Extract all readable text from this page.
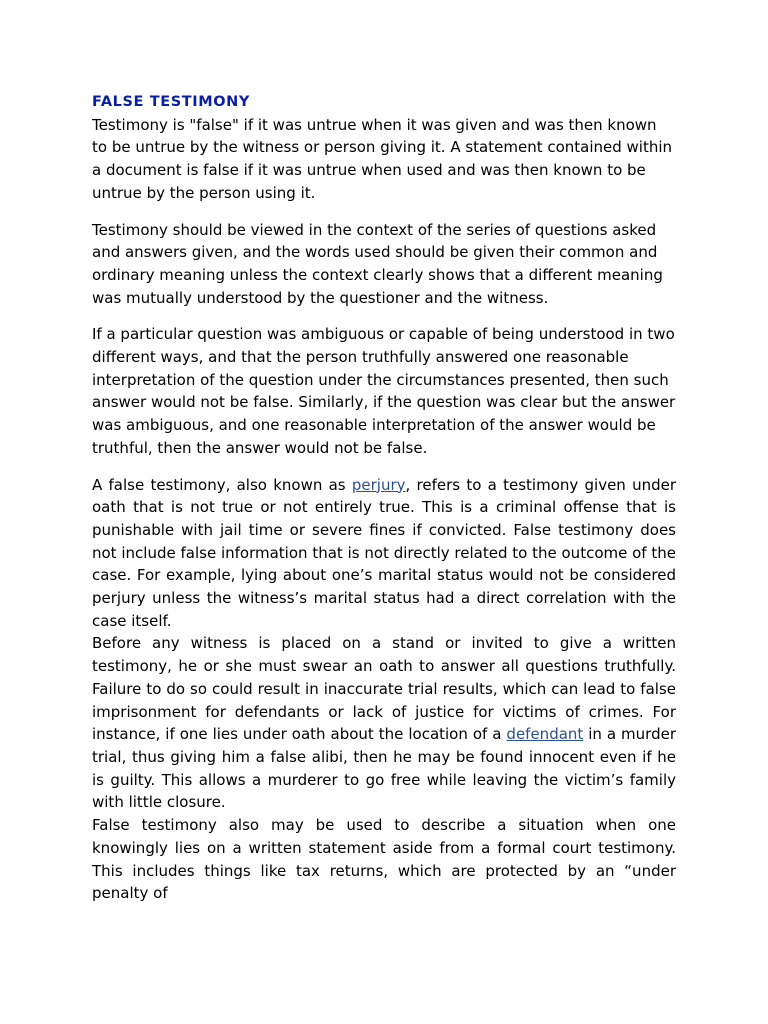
FALSE TESTIMONY

Testimony is "false" if it was untrue when it was given and was then known to be untrue by the witness or person giving it. A statement contained within a document is false if it was untrue when used and was then known to be untrue by the person using it.

Testimony should be viewed in the context of the series of questions asked and answers given, and the words used should be given their common and ordinary meaning unless the context clearly shows that a different meaning was mutually understood by the questioner and the witness.

If a particular question was ambiguous or capable of being understood in two different ways, and that the person truthfully answered one reasonable interpretation of the question under the circumstances presented, then such answer would not be false. Similarly, if the question was clear but the answer was ambiguous, and one reasonable interpretation of the answer would be truthful, then the answer would not be false.

A false testimony, also known as perjury, refers to a testimony given under oath that is not true or not entirely true. This is a criminal offense that is punishable with jail time or severe fines if convicted. False testimony does not include false information that is not directly related to the outcome of the case. For example, lying about one’s marital status would not be considered perjury unless the witness’s marital status had a direct correlation with the case itself.

Before any witness is placed on a stand or invited to give a written testimony, he or she must swear an oath to answer all questions truthfully. Failure to do so could result in inaccurate trial results, which can lead to false imprisonment for defendants or lack of justice for victims of crimes. For instance, if one lies under oath about the location of a defendant in a murder trial, thus giving him a false alibi, then he may be found innocent even if he is guilty. This allows a murderer to go free while leaving the victim’s family with little closure.

False testimony also may be used to describe a situation when one knowingly lies on a written statement aside from a formal court testimony. This includes things like tax returns, which are protected by an “under penalty of
